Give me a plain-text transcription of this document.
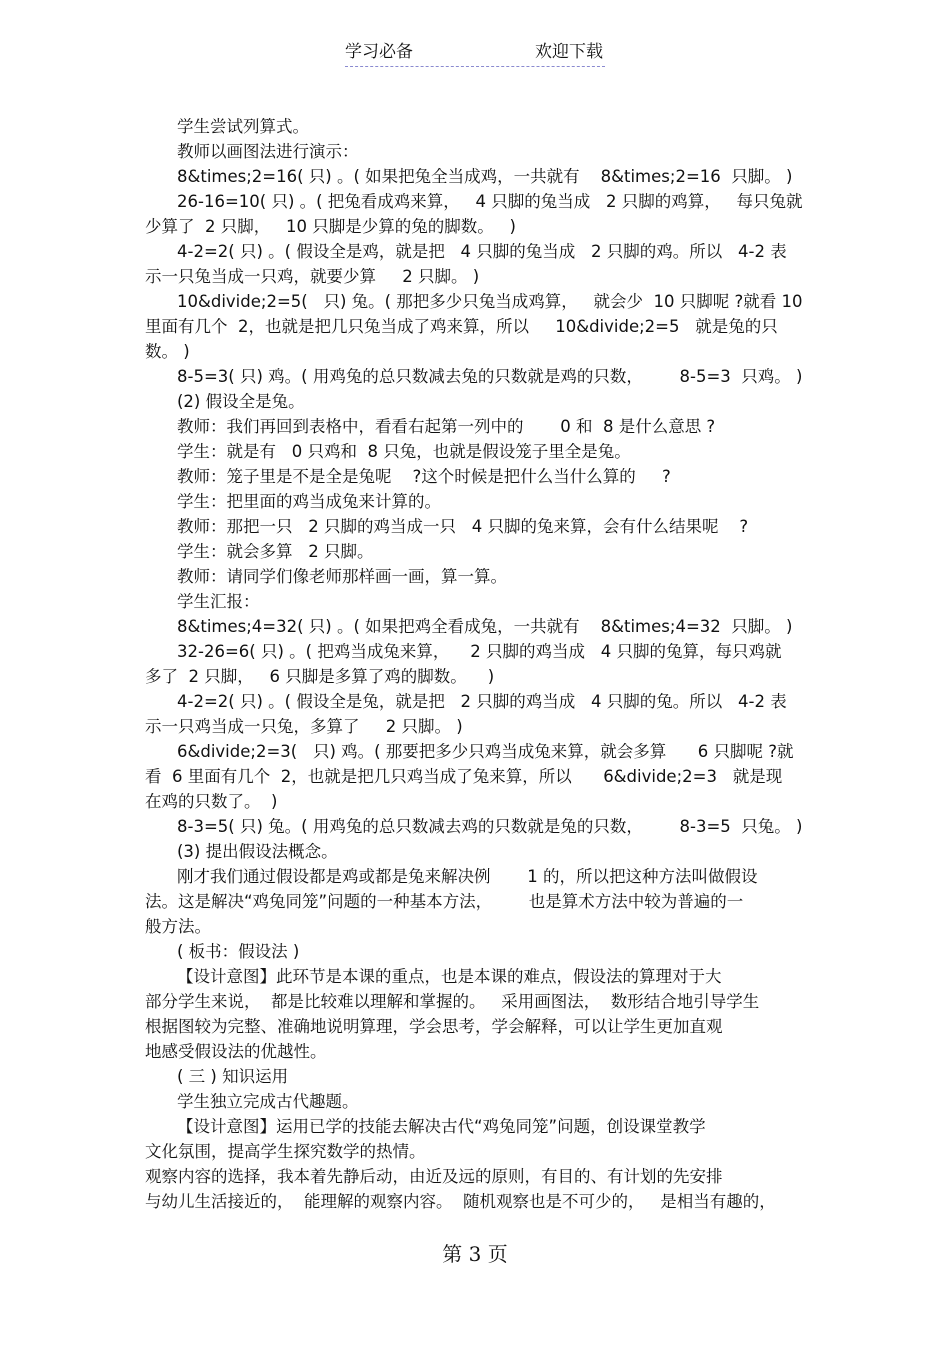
学习必备	欢迎下载
学生尝试列算式。
教师以画图法进行演示：
8&times;2=16( 只) 。( 如果把兔全当成鸡，一共就有    8&times;2=16  只脚。 )
26-16=10( 只) 。( 把兔看成鸡来算，   4 只脚的兔当成   2 只脚的鸡算，   每只兔就
少算了  2 只脚，   10 只脚是少算的兔的脚数。   )
4-2=2( 只) 。( 假设全是鸡，就是把   4 只脚的兔当成   2 只脚的鸡。所以   4-2 表
示一只兔当成一只鸡，就要少算     2 只脚。 )
10&divide;2=5(   只) 兔。( 那把多少只兔当成鸡算，   就会少  10 只脚呢 ?就看 10
里面有几个  2，也就是把几只兔当成了鸡来算，所以     10&divide;2=5   就是兔的只
数。 )
8-5=3( 只) 鸡。( 用鸡兔的总只数减去兔的只数就是鸡的只数，       8-5=3  只鸡。 )
(2) 假设全是兔。
教师：我们再回到表格中，看看右起第一列中的       0 和  8 是什么意思 ?
学生：就是有   0 只鸡和  8 只兔，也就是假设笼子里全是兔。
教师：笼子里是不是全是兔呢    ?这个时候是把什么当什么算的     ?
学生：把里面的鸡当成兔来计算的。
教师：那把一只   2 只脚的鸡当成一只   4 只脚的兔来算，会有什么结果呢    ?
学生：就会多算   2 只脚。
教师：请同学们像老师那样画一画，算一算。
学生汇报：
8&times;4=32( 只) 。( 如果把鸡全看成兔，一共就有    8&times;4=32  只脚。 )
32-26=6( 只) 。( 把鸡当成兔来算，    2 只脚的鸡当成   4 只脚的兔算，每只鸡就
多了  2 只脚，   6 只脚是多算了鸡的脚数。    )
4-2=2( 只) 。( 假设全是兔，就是把   2 只脚的鸡当成   4 只脚的兔。所以   4-2 表
示一只鸡当成一只兔，多算了     2 只脚。 )
6&divide;2=3(   只) 鸡。( 那要把多少只鸡当成兔来算，就会多算      6 只脚呢 ?就
看  6 里面有几个  2，也就是把几只鸡当成了兔来算，所以      6&divide;2=3   就是现
在鸡的只数了。  )
8-3=5( 只) 兔。( 用鸡兔的总只数减去鸡的只数就是兔的只数，       8-3=5  只兔。 )
(3) 提出假设法概念。
刚才我们通过假设都是鸡或都是兔来解决例       1 的，所以把这种方法叫做假设
法。这是解决“鸡兔同笼”问题的一种基本方法，       也是算术方法中较为普遍的一
般方法。
( 板书：假设法 )
【设计意图】此环节是本课的重点，也是本课的难点，假设法的算理对于大
部分学生来说，  都是比较难以理解和掌握的。   采用画图法，  数形结合地引导学生
根据图较为完整、准确地说明算理，学会思考，学会解释，可以让学生更加直观
地感受假设法的优越性。
( 三 ) 知识运用
学生独立完成古代趣题。
【设计意图】运用已学的技能去解决古代“鸡兔同笼”问题，创设课堂教学
文化氛围，提高学生探究数学的热情。
观察内容的选择，我本着先静后动，由近及远的原则，有目的、有计划的先安排
与幼儿生活接近的，  能理解的观察内容。  随机观察也是不可少的，   是相当有趣的，
第 3 页
